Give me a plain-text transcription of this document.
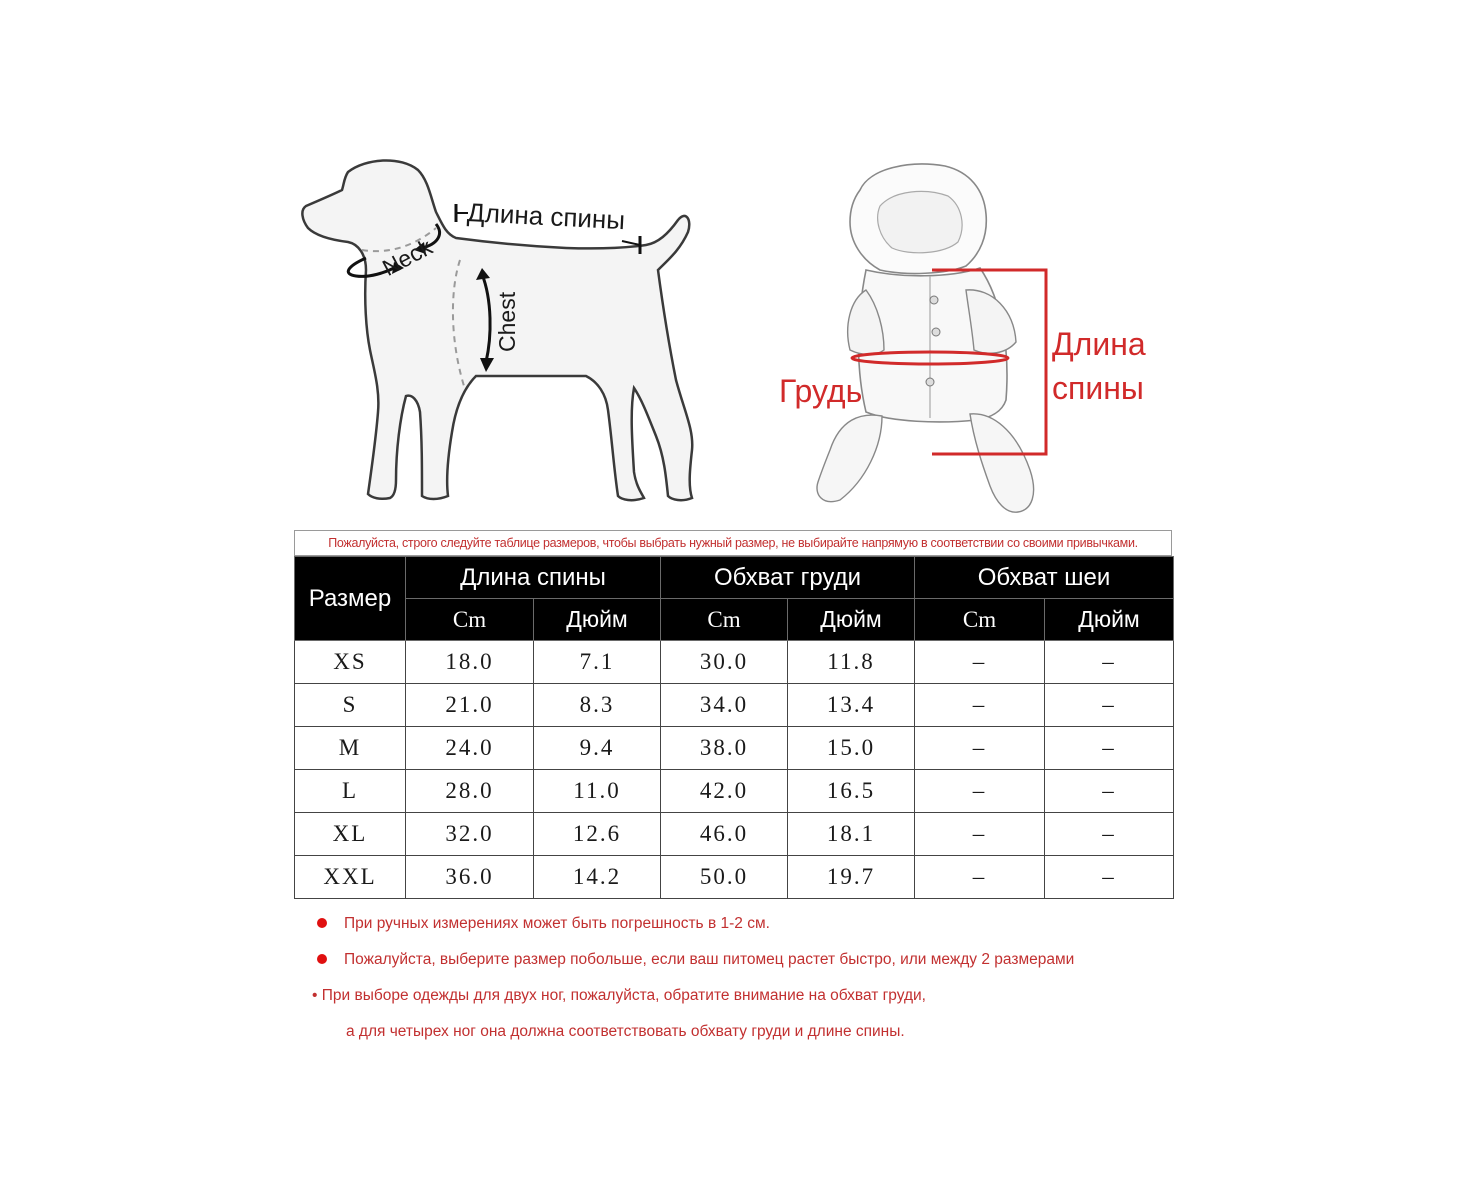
Длина спины
Neck
Chest	Длина
спины
Грудь
Пожалуйста, строго следуйте таблице размеров, чтобы выбрать нужный размер, не выбирайте напрямую в соответствии со своими привычками.
Размер	Длина спины		Обхват груди		Обхват шеи	
	Cm	Дюйм	Cm	Дюйм	Cm	Дюйм
XS	18.0	7.1	30.0	11.8	–	–
S	21.0	8.3	34.0	13.4	–	–
M	24.0	9.4	38.0	15.0	–	–
L	28.0	11.0	42.0	16.5	–	–
XL	32.0	12.6	46.0	18.1	–	–
XXL	36.0	14.2	50.0	19.7	–	–
При ручных измерениях может быть погрешность в 1-2 см.
Пожалуйста, выберите размер побольше, если ваш питомец растет быстро, или между 2 размерами
• При выборе одежды для двух ног, пожалуйста, обратите внимание на обхват груди,
а для четырех ног она должна соответствовать обхвату груди и длине спины.
